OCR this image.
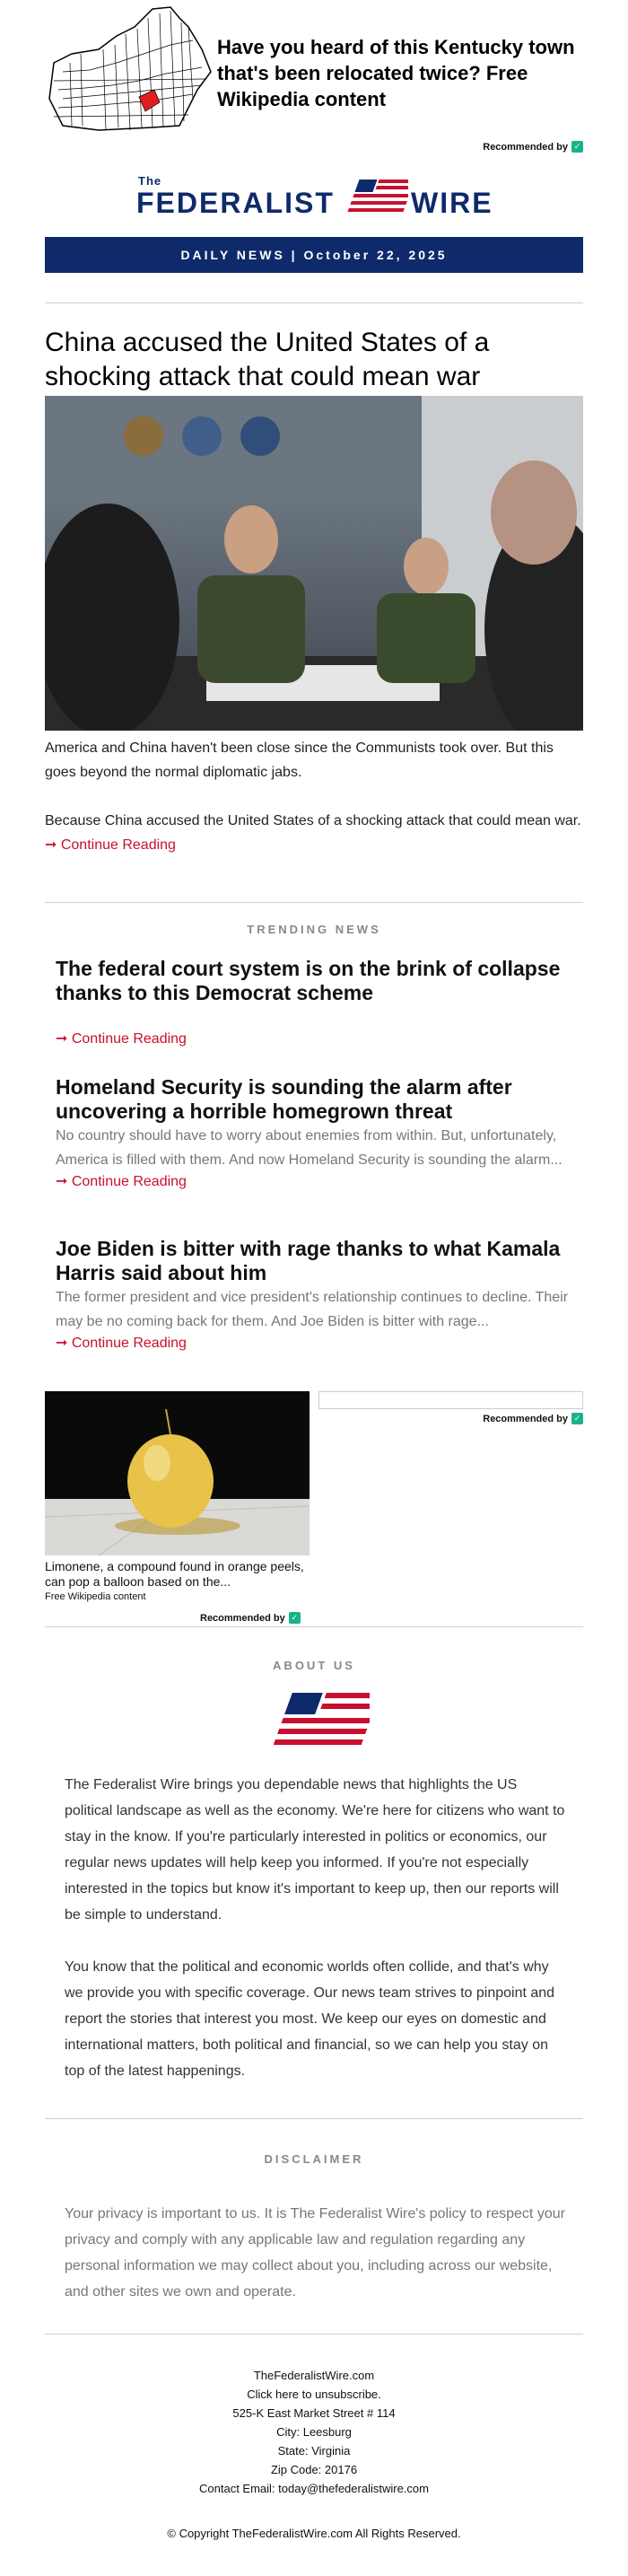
Have you heard of this Kentucky town that's been relocated twice? Free Wikipedia content
Recommended by ✓
The
FEDERALIST	WIRE
DAILY NEWS | October 22, 2025
China accused the United States of a shocking attack that could mean war

America and China haven't been close since the Communists took over. But this goes beyond the normal diplomatic jabs.

Because China accused the United States of a shocking attack that could mean war.

➞ Continue Reading
TRENDING NEWS
The federal court system is on the brink of collapse thanks to this Democrat scheme

➞ Continue Reading
Homeland Security is sounding the alarm after uncovering a horrible homegrown threat

No country should have to worry about enemies from within. But, unfortunately, America is filled with them. And now Homeland Security is sounding the alarm...

➞ Continue Reading
Joe Biden is bitter with rage thanks to what Kamala Harris said about him

The former president and vice president's relationship continues to decline. Their may be no coming back for them. And Joe Biden is bitter with rage...

➞ Continue Reading
Limonene, a compound found in orange peels, can pop a balloon based on the...
Free Wikipedia content
Recommended by ✓
Recommended by ✓
ABOUT US

The Federalist Wire brings you dependable news that highlights the US political landscape as well as the economy. We're here for citizens who want to stay in the know. If you're particularly interested in politics or economics, our regular news updates will help keep you informed. If you're not especially interested in the topics but know it's important to keep up, then our reports will be simple to understand.

You know that the political and economic worlds often collide, and that's why we provide you with specific coverage. Our news team strives to pinpoint and report the stories that interest you most. We keep our eyes on domestic and international matters, both political and financial, so we can help you stay on top of the latest happenings.

DISCLAIMER

Your privacy is important to us. It is The Federalist Wire's policy to respect your privacy and comply with any applicable law and regulation regarding any personal information we may collect about you, including across our website, and other sites we own and operate.

TheFederalistWire.com
Click here to unsubscribe.
525-K East Market Street # 114
City: Leesburg
State: Virginia
Zip Code: 20176
Contact Email: today@thefederalistwire.com
© Copyright TheFederalistWire.com All Rights Reserved.
